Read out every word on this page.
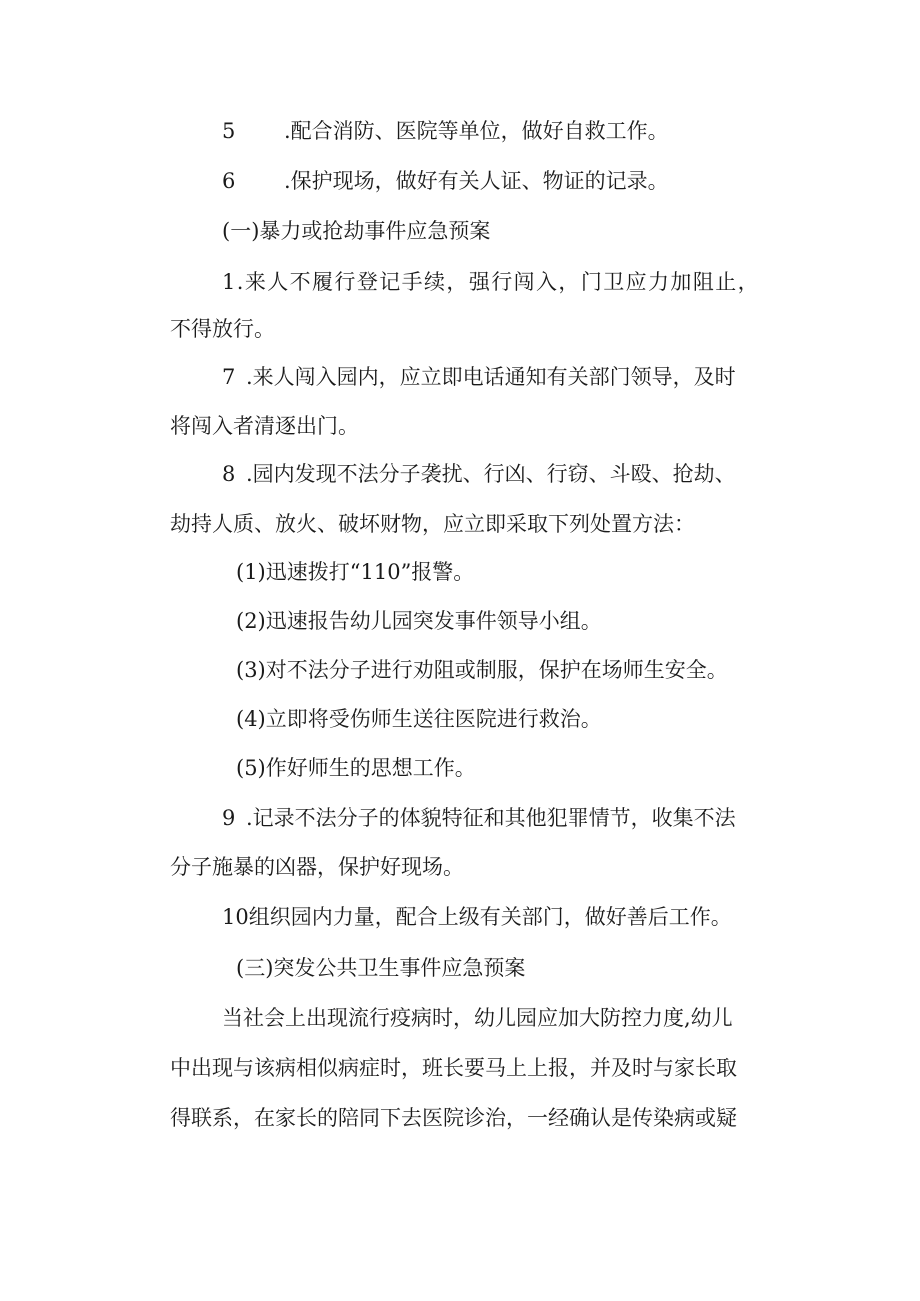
5 .配合消防、医院等单位，做好自救工作。

6 .保护现场，做好有关人证、物证的记录。

(一)暴力或抢劫事件应急预案

1.来人不履行登记手续，强行闯入，门卫应力加阻止，

不得放行。

7 .来人闯入园内，应立即电话通知有关部门领导，及时

将闯入者清逐出门。

8 .园内发现不法分子袭扰、行凶、行窃、斗殴、抢劫、

劫持人质、放火、破坏财物，应立即采取下列处置方法：

(1)迅速拨打“110”报警。

(2)迅速报告幼儿园突发事件领导小组。

(3)对不法分子进行劝阻或制服，保护在场师生安全。

(4)立即将受伤师生送往医院进行救治。

(5)作好师生的思想工作。

9 .记录不法分子的体貌特征和其他犯罪情节，收集不法

分子施暴的凶器，保护好现场。

10组织园内力量，配合上级有关部门，做好善后工作。

(三)突发公共卫生事件应急预案

当社会上出现流行疫病时，幼儿园应加大防控力度,幼儿

中出现与该病相似病症时，班长要马上上报，并及时与家长取

得联系，在家长的陪同下去医院诊治，一经确认是传染病或疑
